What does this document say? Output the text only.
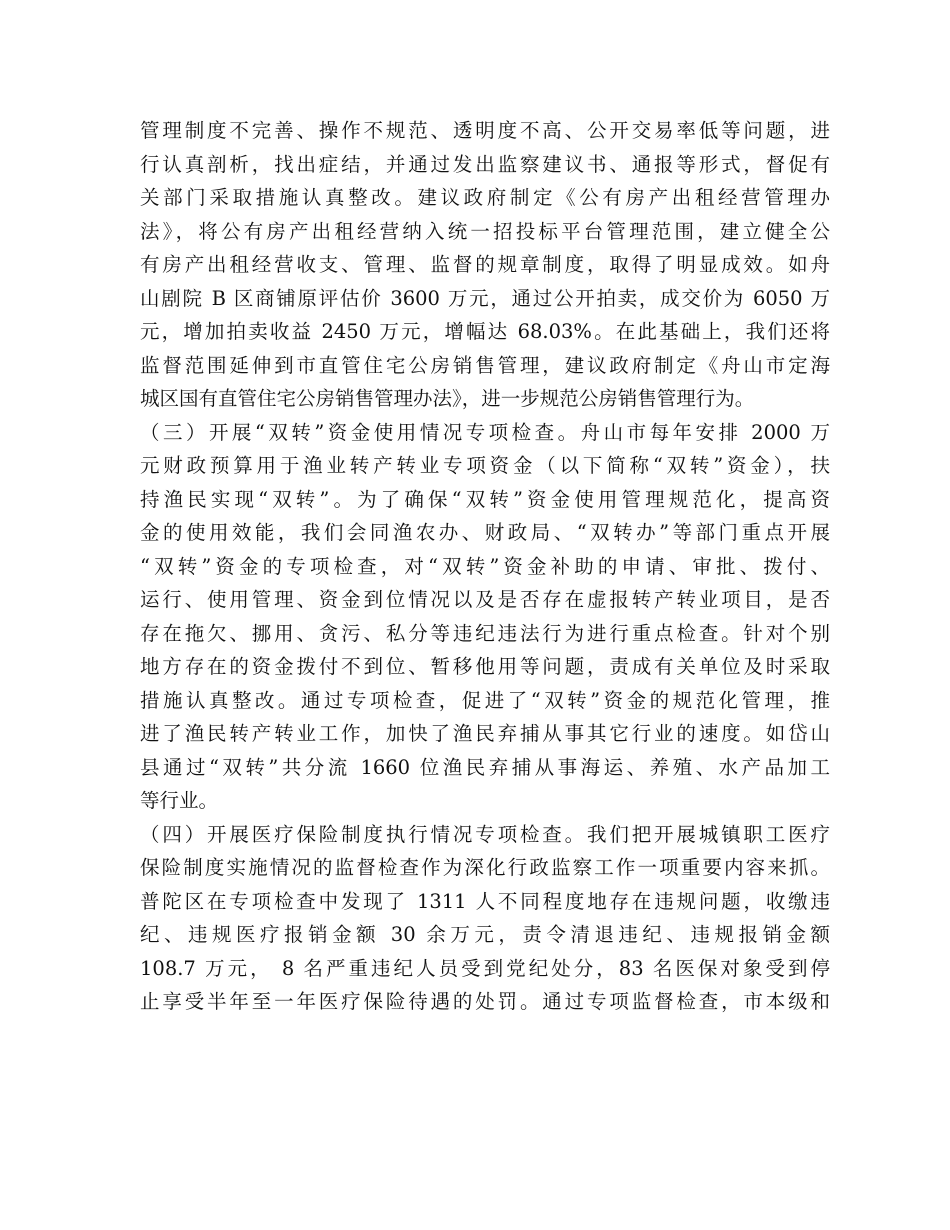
管理制度不完善、操作不规范、透明度不高、公开交易率低等问题，进
行认真剖析，找出症结，并通过发出监察建议书、通报等形式，督促有
关部门采取措施认真整改。建议政府制定《公有房产出租经营管理办
法》，将公有房产出租经营纳入统一招投标平台管理范围，建立健全公
有房产出租经营收支、管理、监督的规章制度，取得了明显成效。如舟
山剧院 B 区商铺原评估价 3600 万元，通过公开拍卖，成交价为 6050 万
元，增加拍卖收益 2450 万元，增幅达 68.03%。在此基础上，我们还将
监督范围延伸到市直管住宅公房销售管理，建议政府制定《舟山市定海
城区国有直管住宅公房销售管理办法》，进一步规范公房销售管理行为。
（三）开展“双转”资金使用情况专项检查。舟山市每年安排 2000 万
元财政预算用于渔业转产转业专项资金（以下简称“双转”资金），扶
持渔民实现“双转”。为了确保“双转”资金使用管理规范化，提高资
金的使用效能，我们会同渔农办、财政局、“双转办”等部门重点开展
“双转”资金的专项检查，对“双转”资金补助的申请、审批、拨付、
运行、使用管理、资金到位情况以及是否存在虚报转产转业项目，是否
存在拖欠、挪用、贪污、私分等违纪违法行为进行重点检查。针对个别
地方存在的资金拨付不到位、暂移他用等问题，责成有关单位及时采取
措施认真整改。通过专项检查，促进了“双转”资金的规范化管理，推
进了渔民转产转业工作，加快了渔民弃捕从事其它行业的速度。如岱山
县通过“双转”共分流 1660 位渔民弃捕从事海运、养殖、水产品加工
等行业。
（四）开展医疗保险制度执行情况专项检查。我们把开展城镇职工医疗
保险制度实施情况的监督检查作为深化行政监察工作一项重要内容来抓。
普陀区在专项检查中发现了 1311 人不同程度地存在违规问题，收缴违
纪、违规医疗报销金额 30 余万元，责令清退违纪、违规报销金额
108.7 万元， 8 名严重违纪人员受到党纪处分，83 名医保对象受到停
止享受半年至一年医疗保险待遇的处罚。通过专项监督检查，市本级和
